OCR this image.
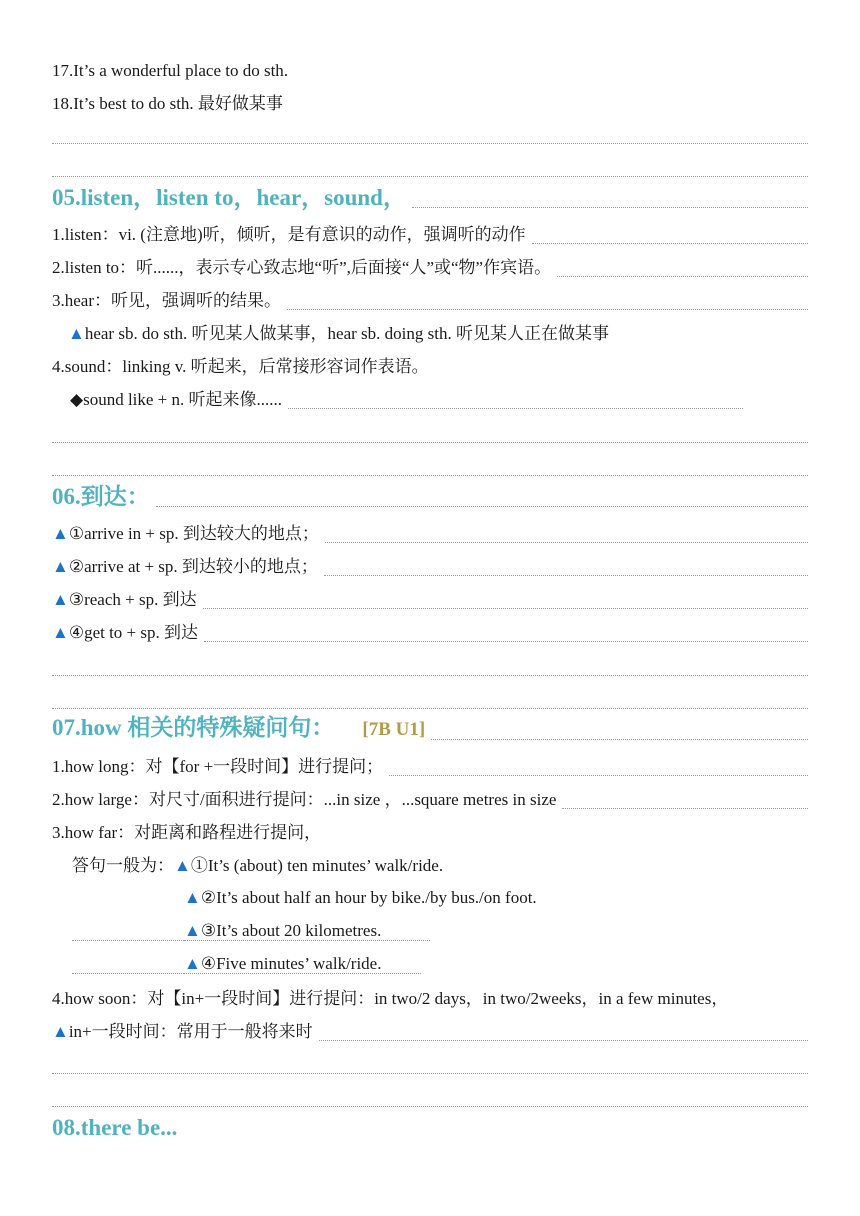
17.It’s a wonderful place to do sth.
18.It’s best to do sth. 最好做某事
05.listen，listen to，hear，sound，
1.listen：vi. (注意地)听，倾听，是有意识的动作，强调听的动作
2.listen to：听......，表示专心致志地“听”,后面接“人”或“物”作宾语。
3.hear：听见，强调听的结果。
▲hear sb. do sth. 听见某人做某事，hear sb. doing sth. 听见某人正在做某事
4.sound：linking v. 听起来，后常接形容词作表语。
◆sound like + n. 听起来像......
06.到达：
▲①arrive in + sp. 到达较大的地点；
▲②arrive at + sp. 到达较小的地点；
▲③reach + sp. 到达
▲④get to + sp. 到达
07.how 相关的特殊疑问句： [7B U1]
1.how long：对【for +一段时间】进行提问；
2.how large：对尺寸/面积进行提问：...in size ，...square metres in size
3.how far：对距离和路程进行提问，
答句一般为：▲①It’s (about) ten minutes’ walk/ride.
▲②It’s about half an hour by bike./by bus./on foot.
▲③It’s about 20 kilometres.
▲④Five minutes’ walk/ride.
4.how soon：对【in+一段时间】进行提问：in two/2 days，in two/2weeks，in a few minutes，
▲in+一段时间：常用于一般将来时
08.there be...
